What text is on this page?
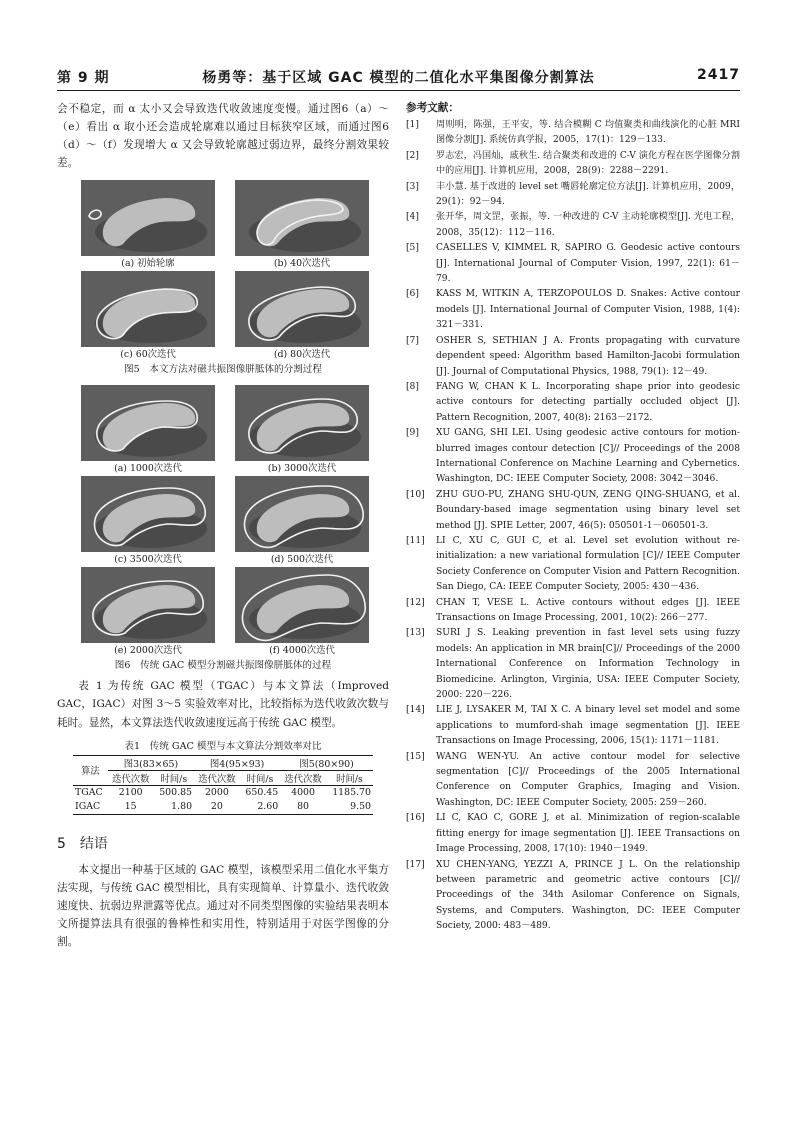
第 9 期	杨勇等：基于区域 GAC 模型的二值化水平集图像分割算法	2417

会不稳定，而 α 太小又会导致迭代收敛速度变慢。通过图6（a）～（e）看出 α 取小还会造成轮廓难以通过目标狭窄区域，而通过图6（d）～（f）发现增大 α 又会导致轮廓越过弱边界，最终分割效果较差。

(a) 初始轮廓	(b) 40次迭代
(c) 60次迭代	(d) 80次迭代

图5　本文方法对磁共振图像胼胝体的分割过程

(a) 1000次迭代	(b) 3000次迭代
(c) 3500次迭代	(d) 500次迭代
(e) 2000次迭代	(f) 4000次迭代

图6　传统 GAC 模型分割磁共振图像胼胝体的过程

表 1 为传统 GAC 模型（TGAC）与本文算法（Improved GAC，IGAC）对图 3～5 实验效率对比，比较指标为迭代收敛次数与耗时。显然，本文算法迭代收敛速度远高于传统 GAC 模型。

表1　传统 GAC 模型与本文算法分割效率对比
算法	图3(83×65)		图4(95×93)		图5(80×90)	
	迭代次数	时间/s	迭代次数	时间/s	迭代次数	时间/s
TGAC	2100	500.85	2000	650.45	4000	1185.70
IGAC	15	1.80	20	2.60	80	9.50
5 结语

本文提出一种基于区域的 GAC 模型，该模型采用二值化水平集方法实现，与传统 GAC 模型相比，具有实现简单、计算量小、迭代收敛速度快、抗弱边界泄露等优点。通过对不同类型图像的实验结果表明本文所提算法具有很强的鲁棒性和实用性，特别适用于对医学图像的分割。

参考文献：
[1]	周则明，陈强，王平安，等. 结合模糊 C 均值聚类和曲线演化的心脏 MRI 图像分割[J]. 系统仿真学报，2005，17(1)：129－133.
[2]	罗志宏，冯国灿，戚秋生. 结合聚类和改进的 C-V 演化方程在医学图像分割中的应用[J]. 计算机应用，2008，28(9)：2288－2291.
[3]	丰小慧. 基于改进的 level set 嘴唇轮廓定位方法[J]. 计算机应用，2009，29(1)：92－94.
[4]	张开华，周文罡，张振，等. 一种改进的 C-V 主动轮廓模型[J]. 光电工程，2008，35(12)：112－116.
[5]	CASELLES V, KIMMEL R, SAPIRO G. Geodesic active contours [J]. International Journal of Computer Vision, 1997, 22(1): 61－79.
[6]	KASS M, WITKIN A, TERZOPOULOS D. Snakes: Active contour models [J]. International Journal of Computer Vision, 1988, 1(4): 321－331.
[7]	OSHER S, SETHIAN J A. Fronts propagating with curvature dependent speed: Algorithm based Hamilton-Jacobi formulation [J]. Journal of Computational Physics, 1988, 79(1): 12－49.
[8]	FANG W, CHAN K L. Incorporating shape prior into geodesic active contours for detecting partially occluded object [J]. Pattern Recognition, 2007, 40(8): 2163－2172.
[9]	XU GANG, SHI LEI. Using geodesic active contours for motion-blurred images contour detection [C]// Proceedings of the 2008 International Conference on Machine Learning and Cybernetics. Washington, DC: IEEE Computer Society, 2008: 3042－3046.
[10]	ZHU GUO-PU, ZHANG SHU-QUN, ZENG QING-SHUANG, et al. Boundary-based image segmentation using binary level set method [J]. SPIE Letter, 2007, 46(5): 050501-1－060501-3.
[11]	LI C, XU C, GUI C, et al. Level set evolution without re-initialization: a new variational formulation [C]// IEEE Computer Society Conference on Computer Vision and Pattern Recognition. San Diego, CA: IEEE Computer Society, 2005: 430－436.
[12]	CHAN T, VESE L. Active contours without edges [J]. IEEE Transactions on Image Processing, 2001, 10(2): 266－277.
[13]	SURI J S. Leaking prevention in fast level sets using fuzzy models: An application in MR brain[C]// Proceedings of the 2000 International Conference on Information Technology in Biomedicine. Arlington, Virginia, USA: IEEE Computer Society, 2000: 220－226.
[14]	LIE J, LYSAKER M, TAI X C. A binary level set model and some applications to mumford-shah image segmentation [J]. IEEE Transactions on Image Processing, 2006, 15(1): 1171－1181.
[15]	WANG WEN-YU. An active contour model for selective segmentation [C]// Proceedings of the 2005 International Conference on Computer Graphics, Imaging and Vision. Washington, DC: IEEE Computer Society, 2005: 259－260.
[16]	LI C, KAO C, GORE J, et al. Minimization of region-scalable fitting energy for image segmentation [J]. IEEE Transactions on Image Processing, 2008, 17(10): 1940－1949.
[17]	XU CHEN-YANG, YEZZI A, PRINCE J L. On the relationship between parametric and geometric active contours [C]// Proceedings of the 34th Asilomar Conference on Signals, Systems, and Computers. Washington, DC: IEEE Computer Society, 2000: 483－489.
